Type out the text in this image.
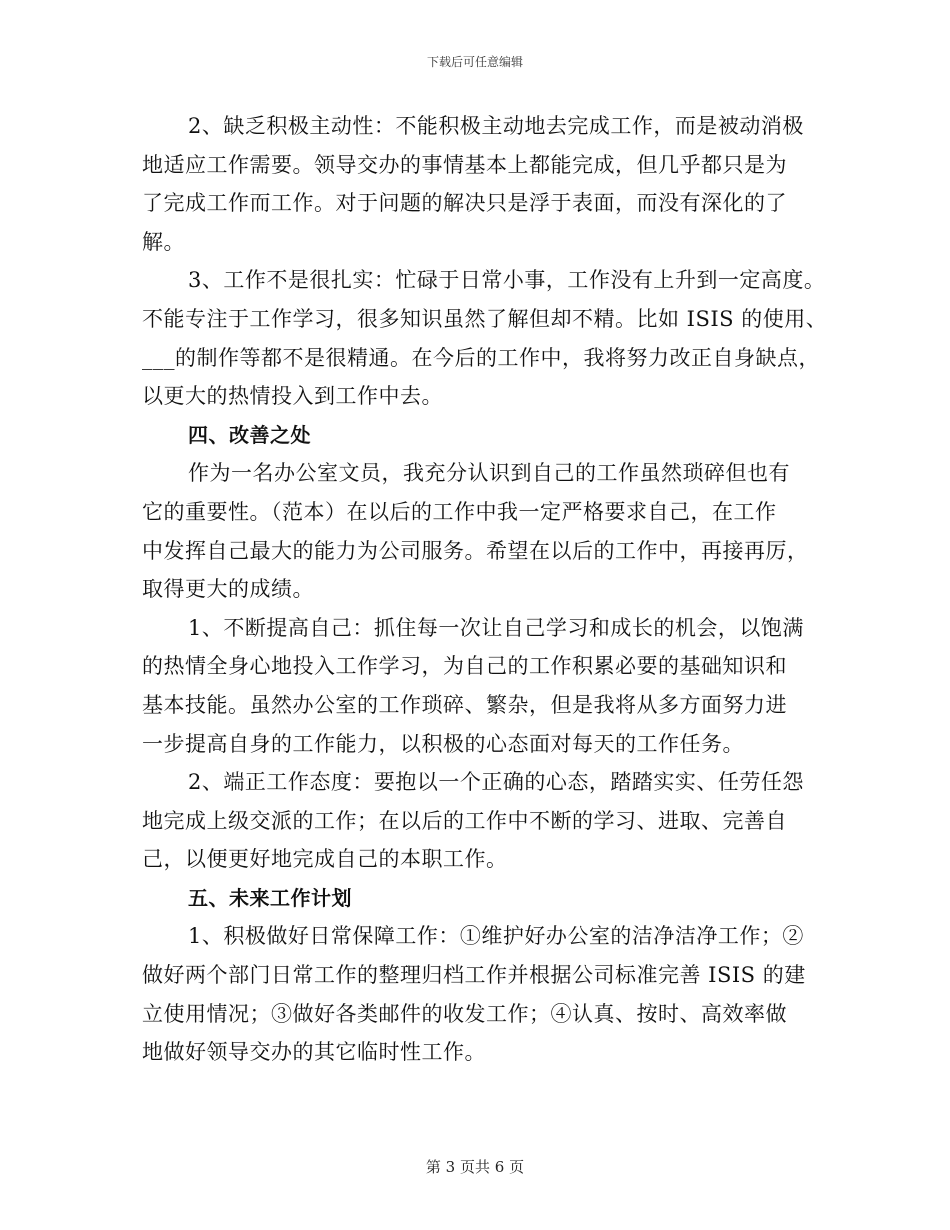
下载后可任意编辑
2、缺乏积极主动性：不能积极主动地去完成工作，而是被动消极
地适应工作需要。领导交办的事情基本上都能完成，但几乎都只是为
了完成工作而工作。对于问题的解决只是浮于表面，而没有深化的了
解。
3、工作不是很扎实：忙碌于日常小事，工作没有上升到一定高度。
不能专注于工作学习，很多知识虽然了解但却不精。比如 ISIS 的使用、
___的制作等都不是很精通。在今后的工作中，我将努力改正自身缺点，
以更大的热情投入到工作中去。
四、改善之处
作为一名办公室文员，我充分认识到自己的工作虽然琐碎但也有
它的重要性。（范本）在以后的工作中我一定严格要求自己，在工作
中发挥自己最大的能力为公司服务。希望在以后的工作中，再接再厉，
取得更大的成绩。
1、不断提高自己：抓住每一次让自己学习和成长的机会，以饱满
的热情全身心地投入工作学习，为自己的工作积累必要的基础知识和
基本技能。虽然办公室的工作琐碎、繁杂，但是我将从多方面努力进
一步提高自身的工作能力，以积极的心态面对每天的工作任务。
2、端正工作态度：要抱以一个正确的心态，踏踏实实、任劳任怨
地完成上级交派的工作；在以后的工作中不断的学习、进取、完善自
己，以便更好地完成自己的本职工作。
五、未来工作计划
1、积极做好日常保障工作：①维护好办公室的洁净洁净工作；②
做好两个部门日常工作的整理归档工作并根据公司标准完善 ISIS 的建
立使用情况；③做好各类邮件的收发工作；④认真、按时、高效率做
地做好领导交办的其它临时性工作。
第 3 页共 6 页
